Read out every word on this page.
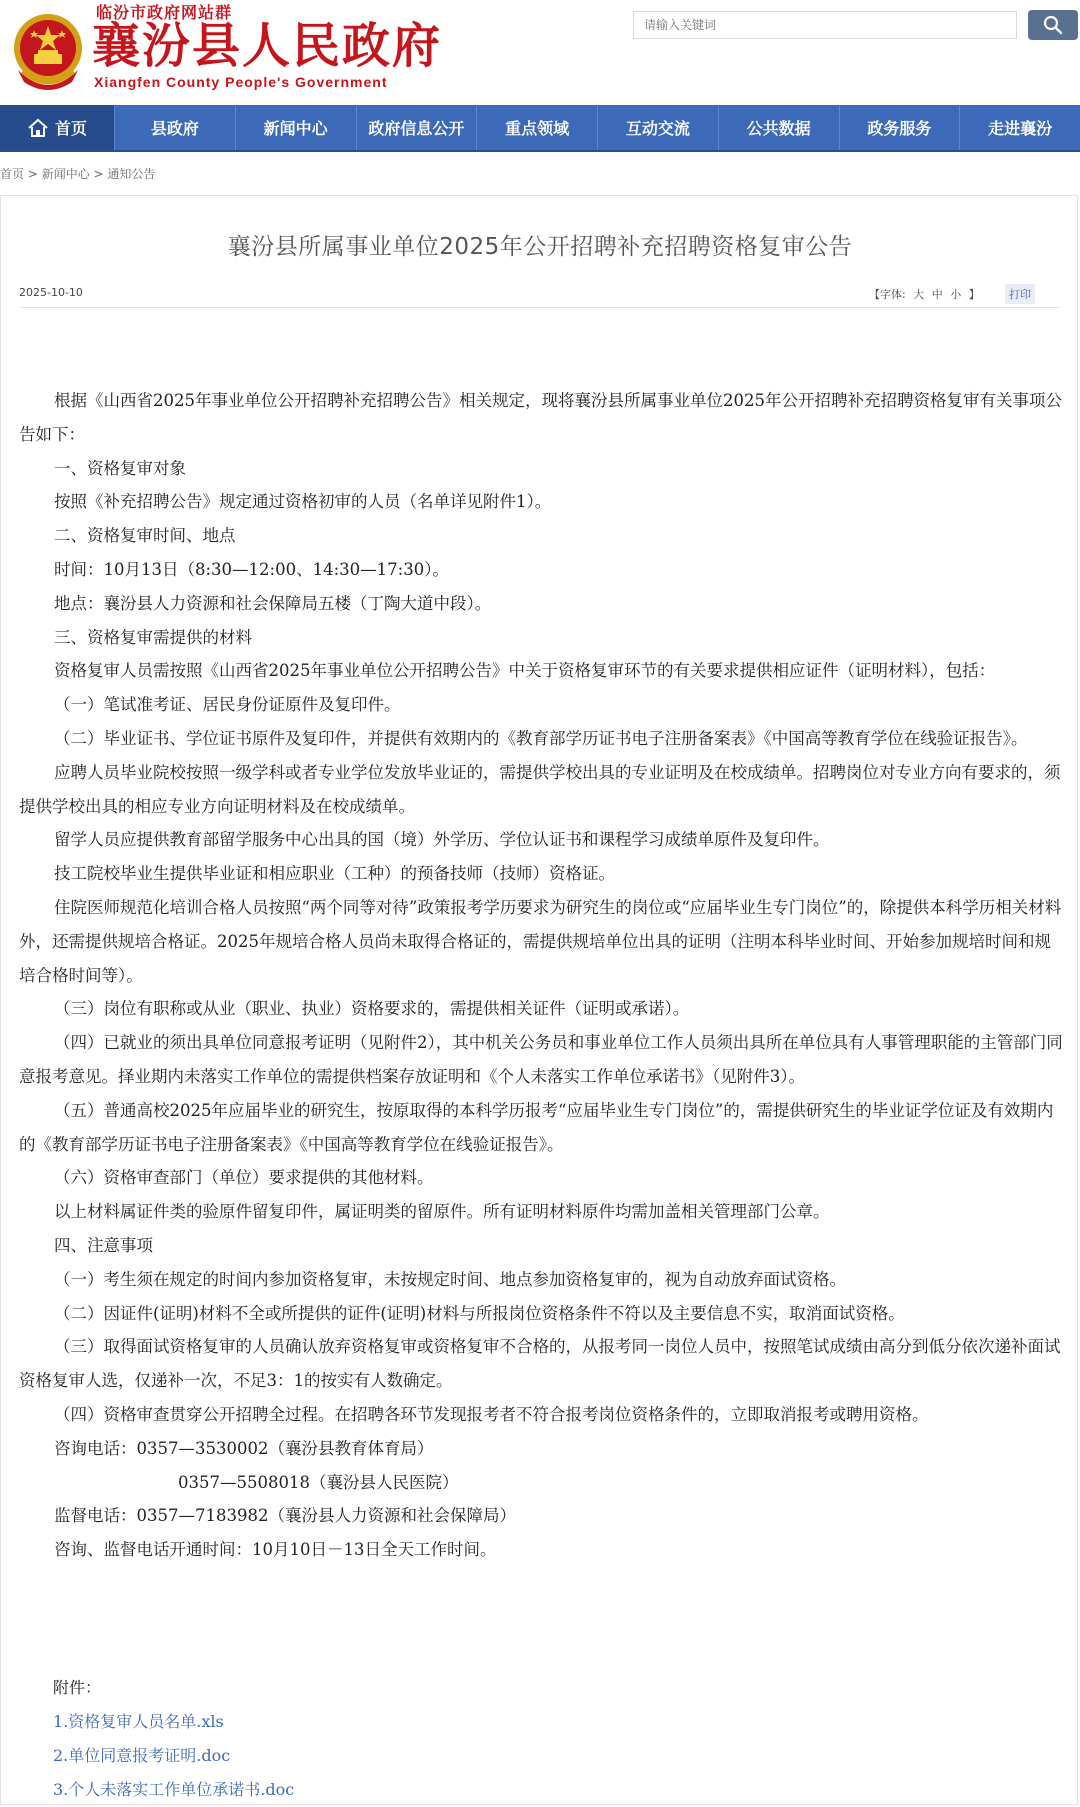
临汾市政府网站群
襄汾县人民政府
Xiangfen County People's Government
请输入关键词
首页	县政府	新闻中心	政府信息公开	重点领域	互动交流	公共数据	政务服务	走进襄汾
首页 > 新闻中心 > 通知公告
襄汾县所属事业单位2025年公开招聘补充招聘资格复审公告
2025-10-10	【字体: 大 中 小 】	打印

根据《山西省2025年事业单位公开招聘补充招聘公告》相关规定，现将襄汾县所属事业单位2025年公开招聘补充招聘资格复审有关事项公告如下：

一、资格复审对象

按照《补充招聘公告》规定通过资格初审的人员（名单详见附件1）。

二、资格复审时间、地点

时间：10月13日（8:30—12:00、14:30—17:30）。

地点：襄汾县人力资源和社会保障局五楼（丁陶大道中段）。

三、资格复审需提供的材料

资格复审人员需按照《山西省2025年事业单位公开招聘公告》中关于资格复审环节的有关要求提供相应证件（证明材料），包括：

（一）笔试准考证、居民身份证原件及复印件。

（二）毕业证书、学位证书原件及复印件，并提供有效期内的《教育部学历证书电子注册备案表》《中国高等教育学位在线验证报告》。

应聘人员毕业院校按照一级学科或者专业学位发放毕业证的，需提供学校出具的专业证明及在校成绩单。招聘岗位对专业方向有要求的，须提供学校出具的相应专业方向证明材料及在校成绩单。

留学人员应提供教育部留学服务中心出具的国（境）外学历、学位认证书和课程学习成绩单原件及复印件。

技工院校毕业生提供毕业证和相应职业（工种）的预备技师（技师）资格证。

住院医师规范化培训合格人员按照“两个同等对待”政策报考学历要求为研究生的岗位或“应届毕业生专门岗位”的，除提供本科学历相关材料外，还需提供规培合格证。2025年规培合格人员尚未取得合格证的，需提供规培单位出具的证明（注明本科毕业时间、开始参加规培时间和规培合格时间等）。

（三）岗位有职称或从业（职业、执业）资格要求的，需提供相关证件（证明或承诺）。

（四）已就业的须出具单位同意报考证明（见附件2），其中机关公务员和事业单位工作人员须出具所在单位具有人事管理职能的主管部门同意报考意见。择业期内未落实工作单位的需提供档案存放证明和《个人未落实工作单位承诺书》（见附件3）。

（五）普通高校2025年应届毕业的研究生，按原取得的本科学历报考“应届毕业生专门岗位”的，需提供研究生的毕业证学位证及有效期内的《教育部学历证书电子注册备案表》《中国高等教育学位在线验证报告》。

（六）资格审查部门（单位）要求提供的其他材料。

以上材料属证件类的验原件留复印件，属证明类的留原件。所有证明材料原件均需加盖相关管理部门公章。

四、注意事项

（一）考生须在规定的时间内参加资格复审，未按规定时间、地点参加资格复审的，视为自动放弃面试资格。

（二）因证件(证明)材料不全或所提供的证件(证明)材料与所报岗位资格条件不符以及主要信息不实，取消面试资格。

（三）取得面试资格复审的人员确认放弃资格复审或资格复审不合格的，从报考同一岗位人员中，按照笔试成绩由高分到低分依次递补面试资格复审人选，仅递补一次，不足3：1的按实有人数确定。

（四）资格审查贯穿公开招聘全过程。在招聘各环节发现报考者不符合报考岗位资格条件的，立即取消报考或聘用资格。

咨询电话：0357—3530002（襄汾县教育体育局）

0357—5508018（襄汾县人民医院）

监督电话：0357—7183982（襄汾县人力资源和社会保障局）

咨询、监督电话开通时间：10月10日－13日全天工作时间。

附件：
1.资格复审人员名单.xls
2.单位同意报考证明.doc
3.个人未落实工作单位承诺书.doc
